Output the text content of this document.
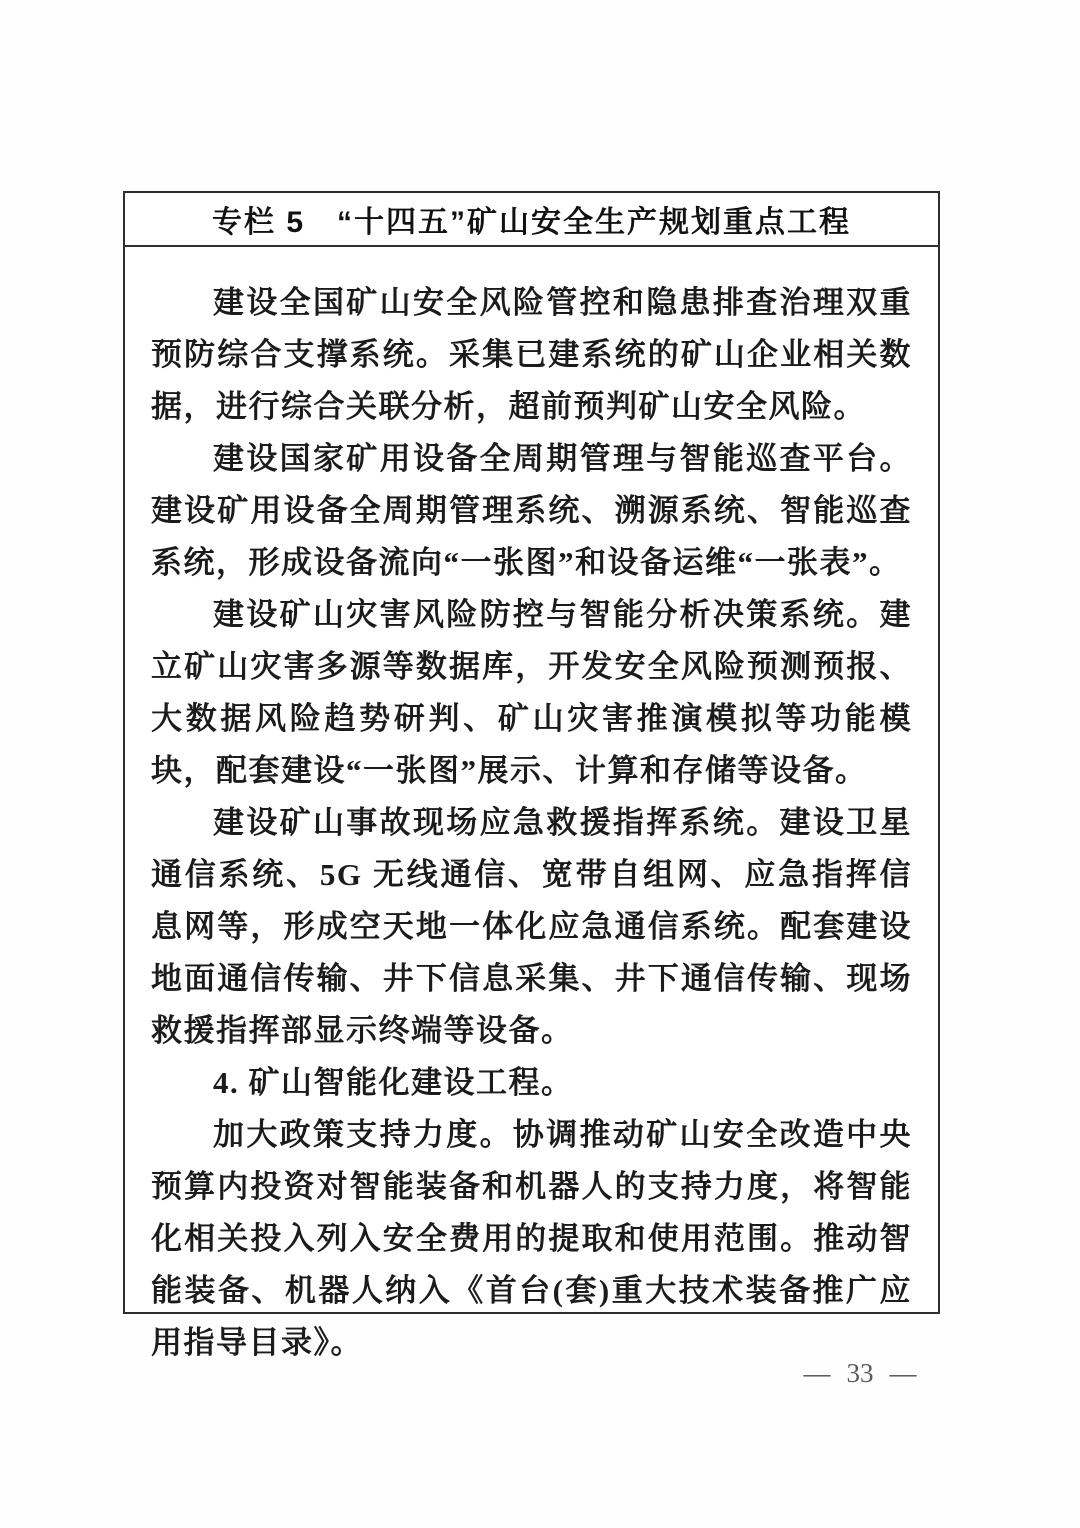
专栏 5　“十四五”矿山安全生产规划重点工程

建设全国矿山安全风险管控和隐患排查治理双重预防综合支撑系统。采集已建系统的矿山企业相关数据，进行综合关联分析，超前预判矿山安全风险。

建设国家矿用设备全周期管理与智能巡查平台。建设矿用设备全周期管理系统、溯源系统、智能巡查系统，形成设备流向“一张图”和设备运维“一张表”。

建设矿山灾害风险防控与智能分析决策系统。建立矿山灾害多源等数据库，开发安全风险预测预报、大数据风险趋势研判、矿山灾害推演模拟等功能模块，配套建设“一张图”展示、计算和存储等设备。

建设矿山事故现场应急救援指挥系统。建设卫星通信系统、5G 无线通信、宽带自组网、应急指挥信息网等，形成空天地一体化应急通信系统。配套建设地面通信传输、井下信息采集、井下通信传输、现场救援指挥部显示终端等设备。

4. 矿山智能化建设工程。

加大政策支持力度。协调推动矿山安全改造中央预算内投资对智能装备和机器人的支持力度，将智能化相关投入列入安全费用的提取和使用范围。推动智能装备、机器人纳入《首台(套)重大技术装备推广应用指导目录》。

— 33 —
